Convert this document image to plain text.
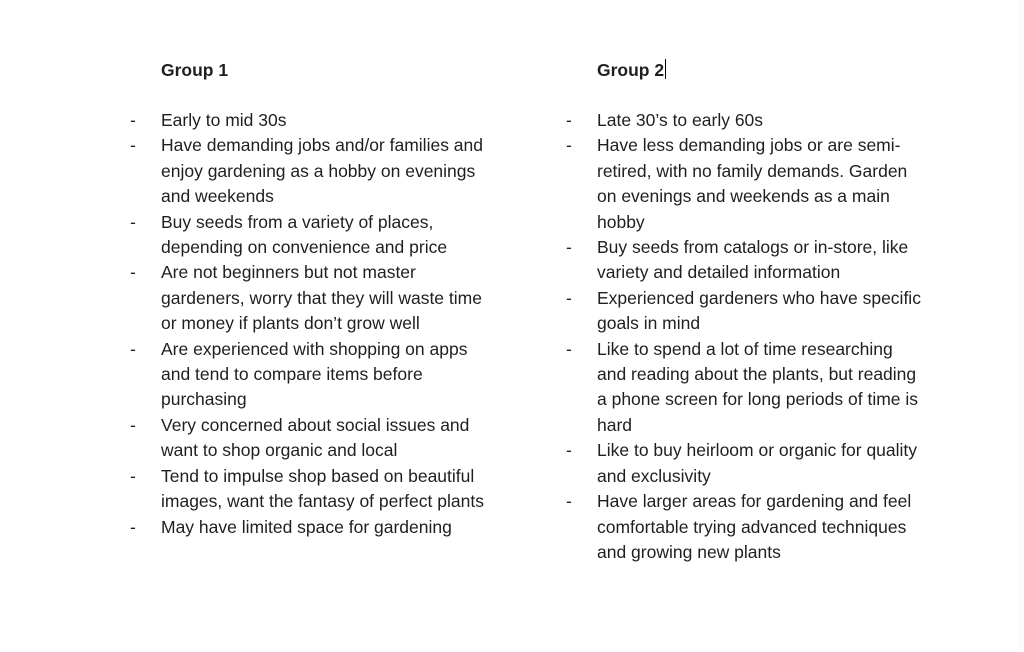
Group 1
- Early to mid 30s
- Have demanding jobs and/or families and enjoy gardening as a hobby on evenings and weekends
- Buy seeds from a variety of places, depending on convenience and price
- Are not beginners but not master gardeners, worry that they will waste time or money if plants don’t grow well
- Are experienced with shopping on apps and tend to compare items before purchasing
- Very concerned about social issues and want to shop organic and local
- Tend to impulse shop based on beautiful images, want the fantasy of perfect plants
- May have limited space for gardening
Group 2
- Late 30’s to early 60s
- Have less demanding jobs or are semi-retired, with no family demands. Garden on evenings and weekends as a main hobby
- Buy seeds from catalogs or in-store, like variety and detailed information
- Experienced gardeners who have specific goals in mind
- Like to spend a lot of time researching and reading about the plants, but reading a phone screen for long periods of time is hard
- Like to buy heirloom or organic for quality and exclusivity
- Have larger areas for gardening and feel comfortable trying advanced techniques and growing new plants
